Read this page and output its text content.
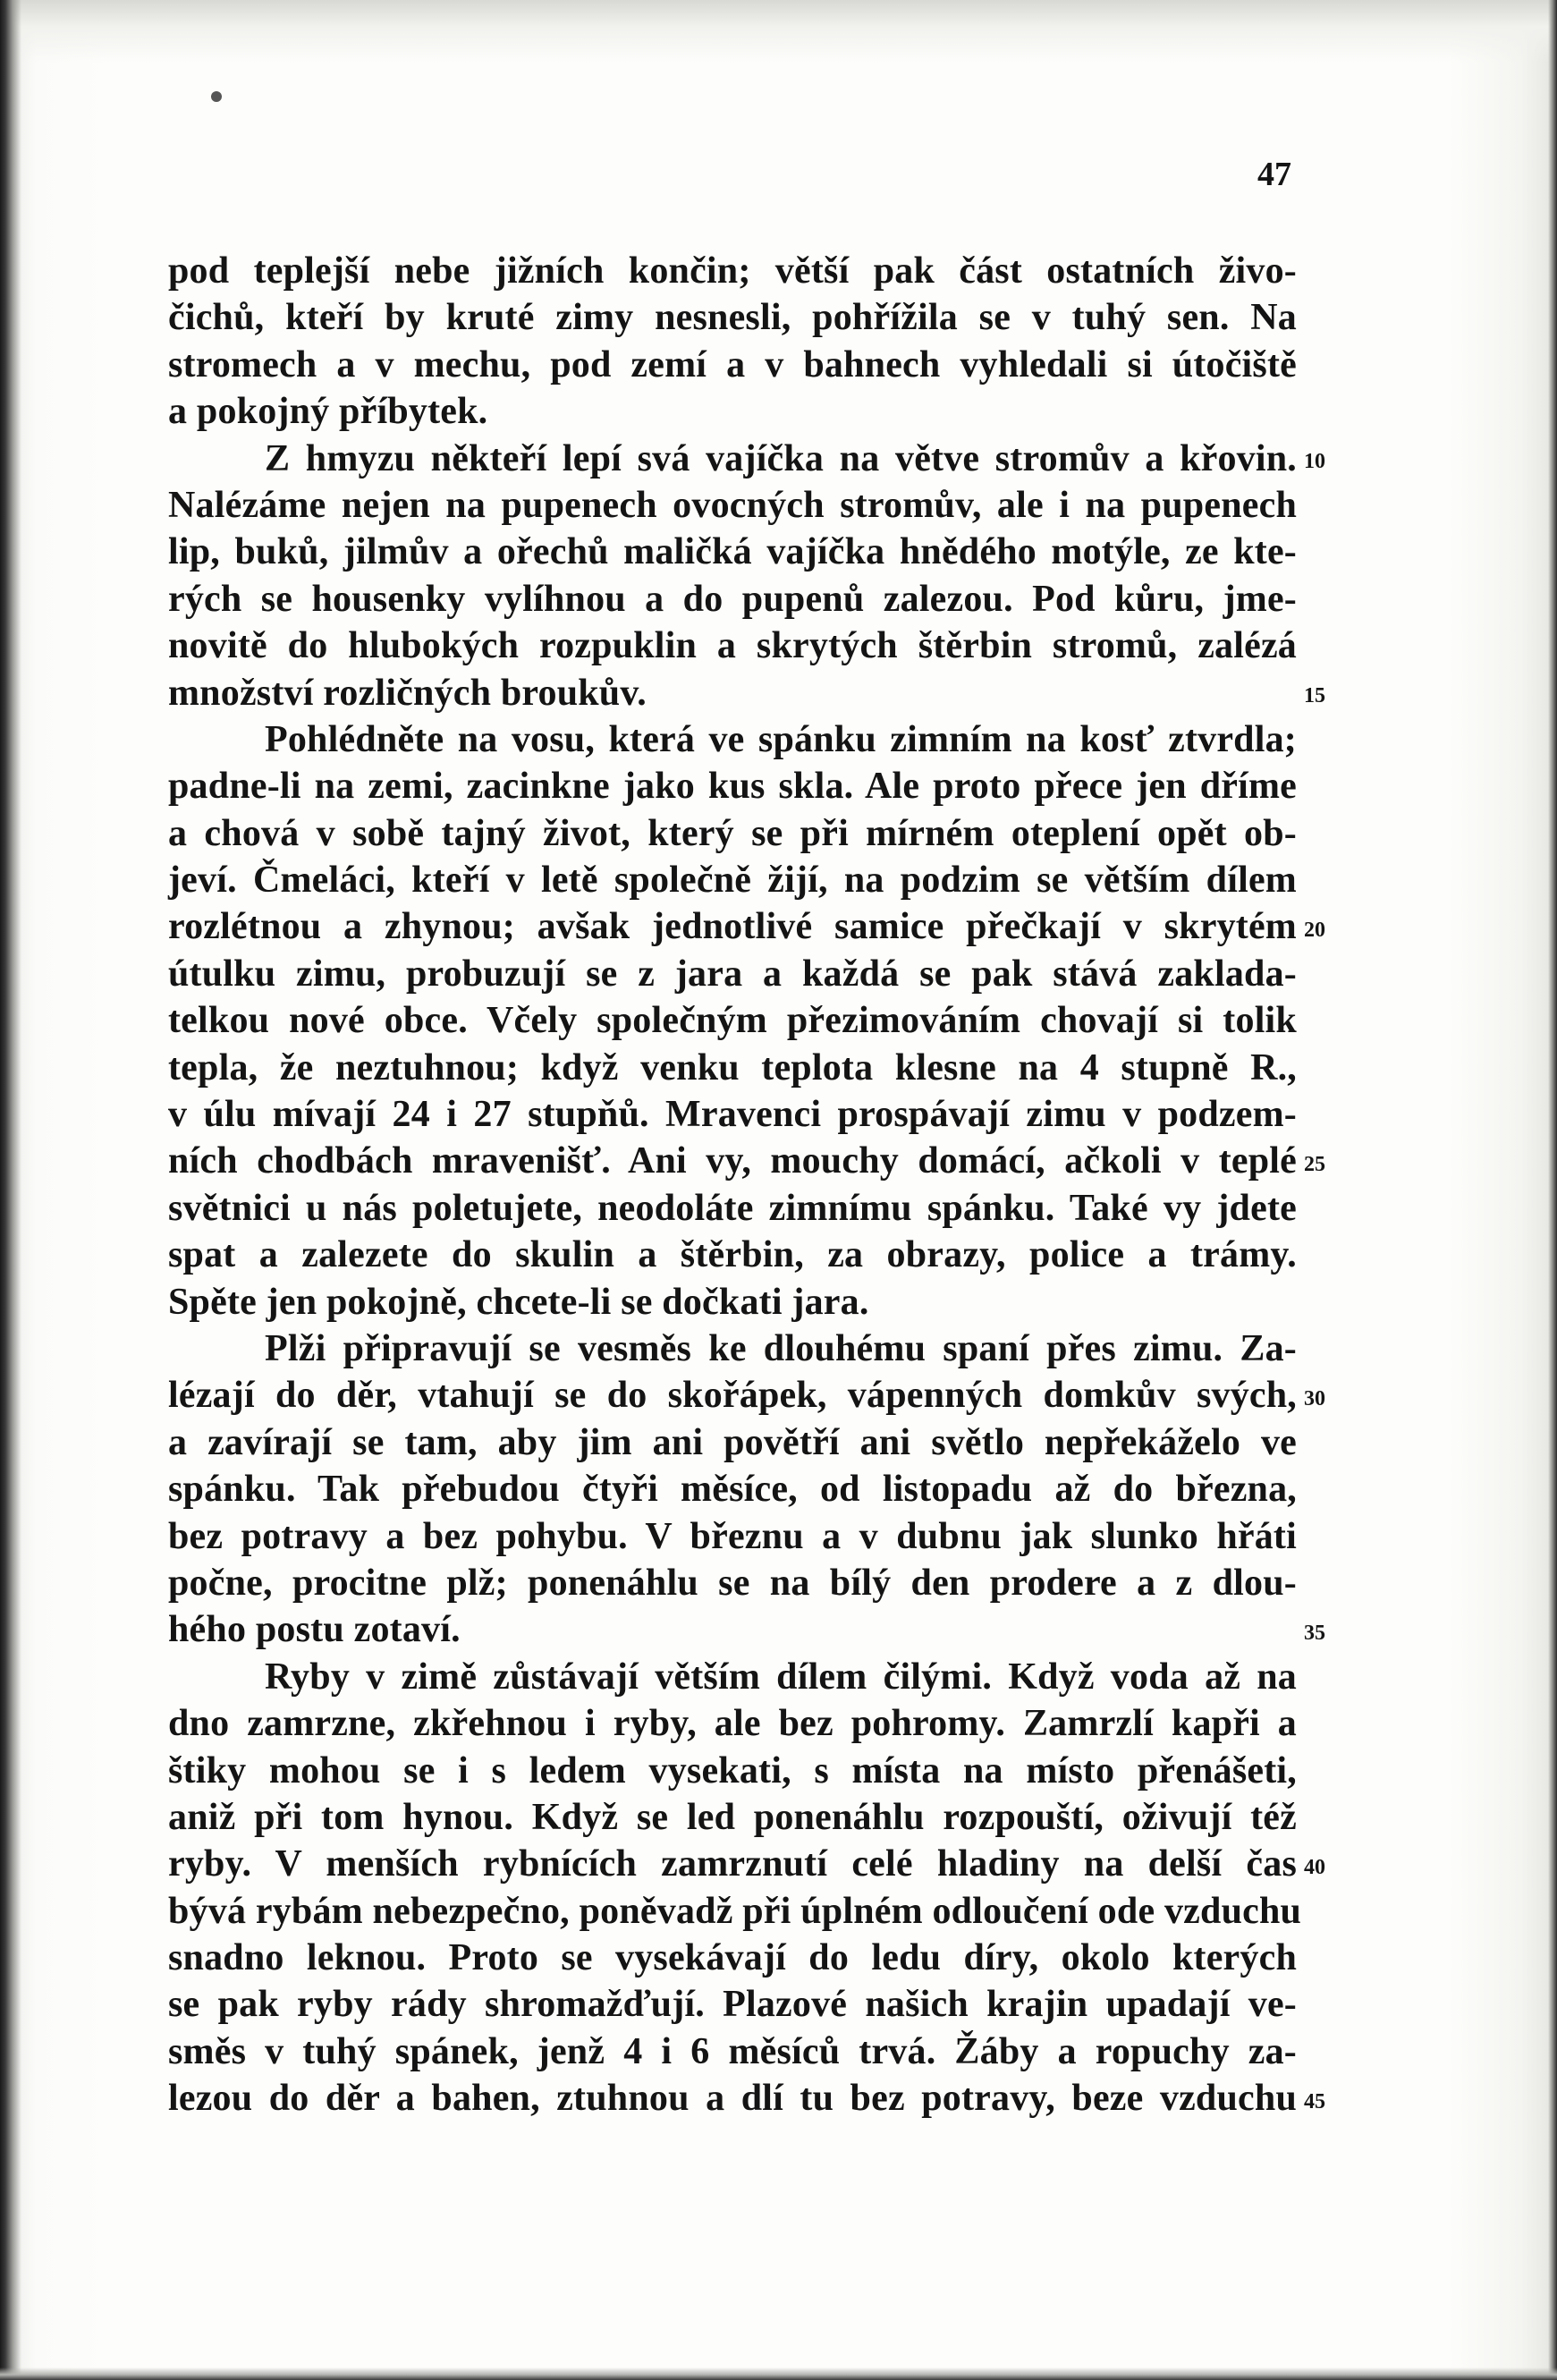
47
pod teplejší nebe jižních končin; větší pak část ostatních živo-
čichů, kteří by kruté zimy nesnesli, pohřížila se v tuhý sen. Na
stromech a v mechu, pod zemí a v bahnech vyhledali si útočiště
a pokojný příbytek.
Z hmyzu někteří lepí svá vajíčka na větve stromův a křovin.
Nalézáme nejen na pupenech ovocných stromův, ale i na pupenech
lip, buků, jilmův a ořechů maličká vajíčka hnědého motýle, ze kte-
rých se housenky vylíhnou a do pupenů zalezou. Pod kůru, jme-
novitě do hlubokých rozpuklin a skrytých štěrbin stromů, zalézá
množství rozličných broukův.
Pohlédněte na vosu, která ve spánku zimním na kosť ztvrdla;
padne-li na zemi, zacinkne jako kus skla. Ale proto přece jen dříme
a chová v sobě tajný život, který se při mírném oteplení opět ob-
jeví. Čmeláci, kteří v letě společně žijí, na podzim se větším dílem
rozlétnou a zhynou; avšak jednotlivé samice přečkají v skrytém
útulku zimu, probuzují se z jara a každá se pak stává zaklada-
telkou nové obce. Včely společným přezimováním chovají si tolik
tepla, že neztuhnou; když venku teplota klesne na 4 stupně R.,
v úlu mívají 24 i 27 stupňů. Mravenci prospávají zimu v podzem-
ních chodbách mravenišť. Ani vy, mouchy domácí, ačkoli v teplé
světnici u nás poletujete, neodoláte zimnímu spánku. Také vy jdete
spat a zalezete do skulin a štěrbin, za obrazy, police a trámy.
Spěte jen pokojně, chcete-li se dočkati jara.
Plži připravují se vesměs ke dlouhému spaní přes zimu. Za-
lézají do děr, vtahují se do skořápek, vápenných domkův svých,
a zavírají se tam, aby jim ani povětří ani světlo nepřekáželo ve
spánku. Tak přebudou čtyři měsíce, od listopadu až do března,
bez potravy a bez pohybu. V březnu a v dubnu jak slunko hřáti
počne, procitne plž; ponenáhlu se na bílý den prodere a z dlou-
hého postu zotaví.
Ryby v zimě zůstávají větším dílem čilými. Když voda až na
dno zamrzne, zkřehnou i ryby, ale bez pohromy. Zamrzlí kapři a
štiky mohou se i s ledem vysekati, s místa na místo přenášeti,
aniž při tom hynou. Když se led ponenáhlu rozpouští, oživují též
ryby. V menších rybnících zamrznutí celé hladiny na delší čas
bývá rybám nebezpečno, poněvadž při úplném odloučení ode vzduchu
snadno leknou. Proto se vysekávají do ledu díry, okolo kterých
se pak ryby rády shromažďují. Plazové našich krajin upadají ve-
směs v tuhý spánek, jenž 4 i 6 měsíců trvá. Žáby a ropuchy za-
lezou do děr a bahen, ztuhnou a dlí tu bez potravy, beze vzduchu
10
15
20
25
30
35
40
45
